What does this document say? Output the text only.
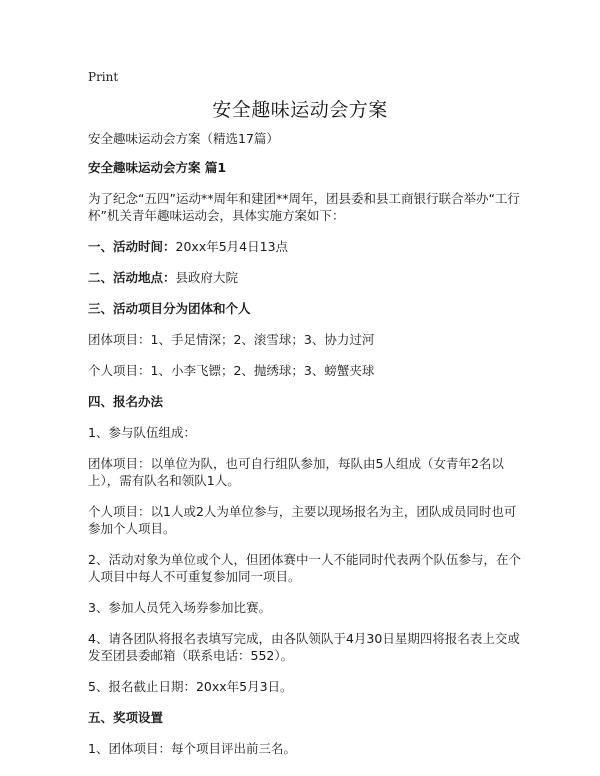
Print
安全趣味运动会方案

安全趣味运动会方案（精选17篇）

安全趣味运动会方案 篇1

为了纪念“五四”运动**周年和建团**周年，团县委和县工商银行联合举办“工行杯”机关青年趣味运动会，具体实施方案如下：

一、活动时间：20xx年5月4日13点

二、活动地点：县政府大院

三、活动项目分为团体和个人

团体项目：1、手足情深；2、滚雪球；3、协力过河

个人项目：1、小李飞镖；2、抛绣球；3、螃蟹夹球

四、报名办法

1、参与队伍组成：

团体项目：以单位为队，也可自行组队参加，每队由5人组成（女青年2名以上），需有队名和领队1人。

个人项目：以1人或2人为单位参与，主要以现场报名为主，团队成员同时也可参加个人项目。

2、活动对象为单位或个人，但团体赛中一人不能同时代表两个队伍参与，在个人项目中每人不可重复参加同一项目。

3、参加人员凭入场券参加比赛。

4、请各团队将报名表填写完成，由各队领队于4月30日星期四将报名表上交或发至团县委邮箱（联系电话：552）。

5、报名截止日期：20xx年5月3日。

五、奖项设置

1、团体项目：每个项目评出前三名。
